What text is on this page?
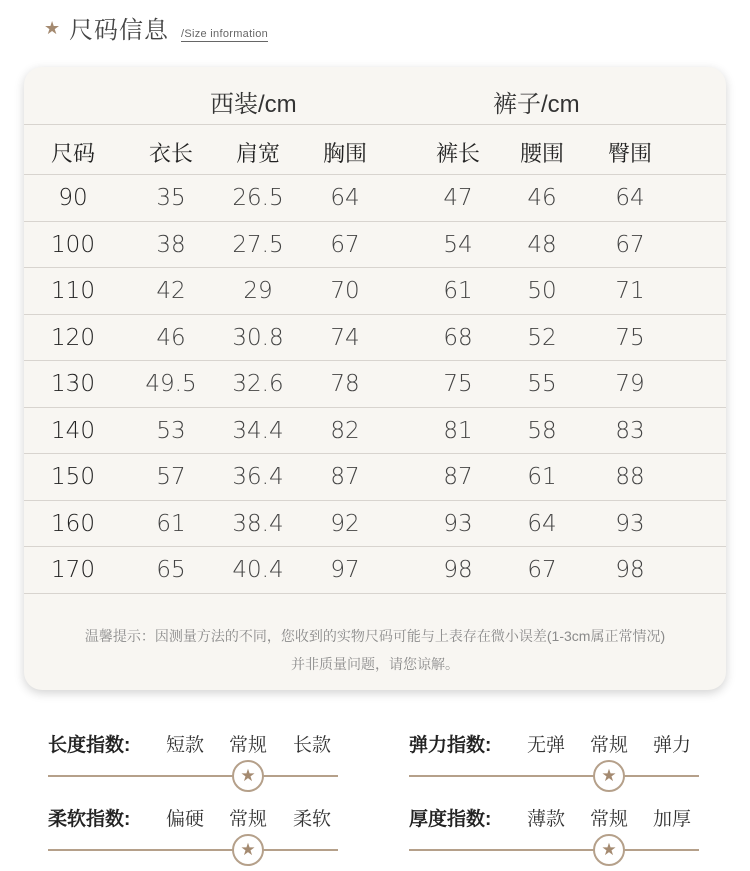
★ 尺码信息 /Size information
西装/cm	裤子/cm
尺码	衣长	肩宽	胸围	裤长	腰围	臀围
90	35	26.5	64	47	46	64
100	38	27.5	67	54	48	67
110	42	29	70	61	50	71
120	46	30.8	74	68	52	75
130	49.5	32.6	78	75	55	79
140	53	34.4	82	81	58	83
150	57	36.4	87	87	61	88
160	61	38.4	92	93	64	93
170	65	40.4	97	98	67	98
温馨提示：因测量方法的不同，您收到的实物尺码可能与上表存在微小误差(1-3cm属正常情况)
并非质量问题，请您谅解。
长度指数:	短款	常规	长款
★
弹力指数:	无弹	常规	弹力
★
柔软指数:	偏硬	常规	柔软
★
厚度指数:	薄款	常规	加厚
★
